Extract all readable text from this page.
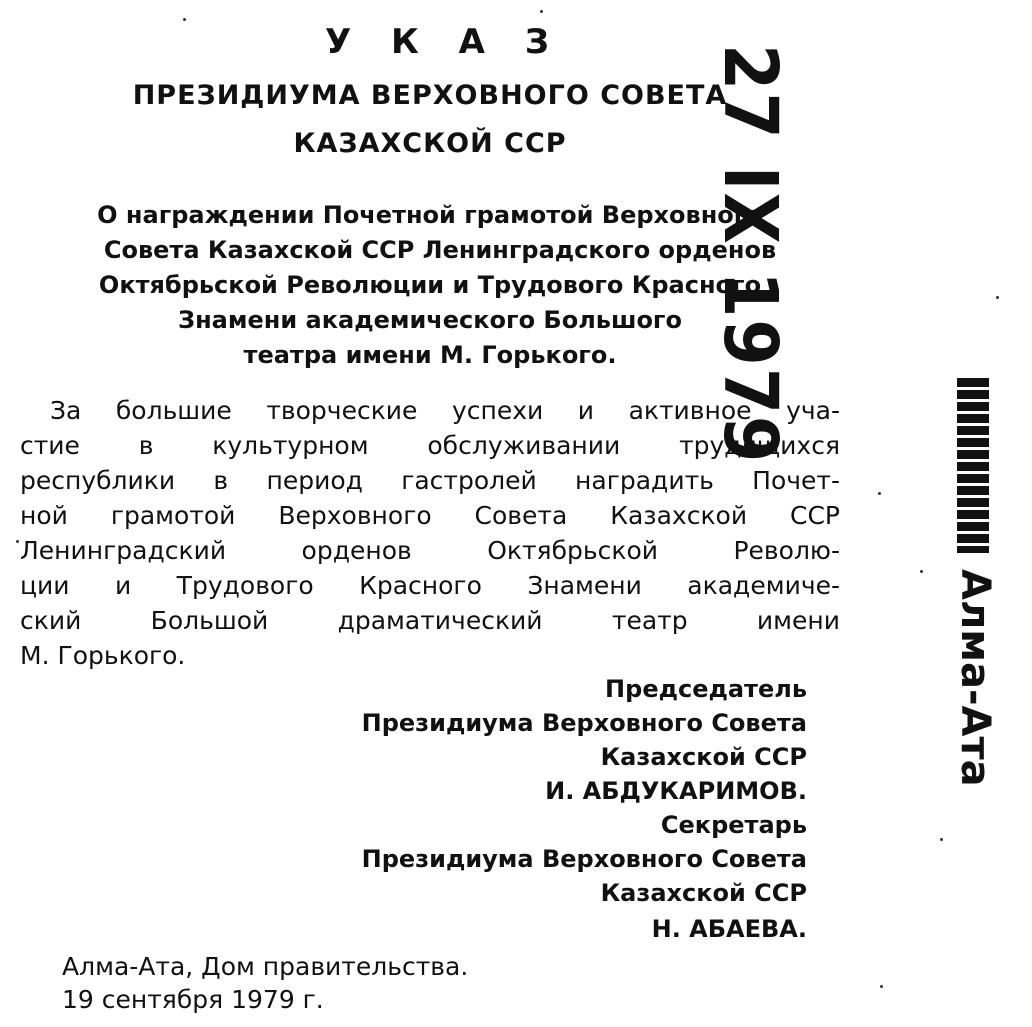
У К А З
ПРЕЗИДИУМА ВЕРХОВНОГО СОВЕТА
КАЗАХСКОЙ ССР
О награждении Почетной грамотой Верховного
Совета Казахской ССР Ленинградского орденов
Октябрьской Революции и Трудового Красного
Знамени академического Большого
театра имени М. Горького.
За большие творческие успехи и активное уча-
стие в культурном обслуживании трудящихся
республики в период гастролей наградить Почет-
ной грамотой Верховного Совета Казахской ССР
Ленинградский орденов Октябрьской Револю-
ции и Трудового Красного Знамени академиче-
ский Большой драматический театр имени
М. Горького.
Председатель
Президиума Верховного Совета
Казахской ССР
И. АБДУКАРИМОВ.
Секретарь
Президиума Верховного Совета
Казахской ССР
Н. АБАЕВА.
Алма-Ата, Дом правительства.
19 сентября 1979 г.
27 IX 1979
Алма-Ата
